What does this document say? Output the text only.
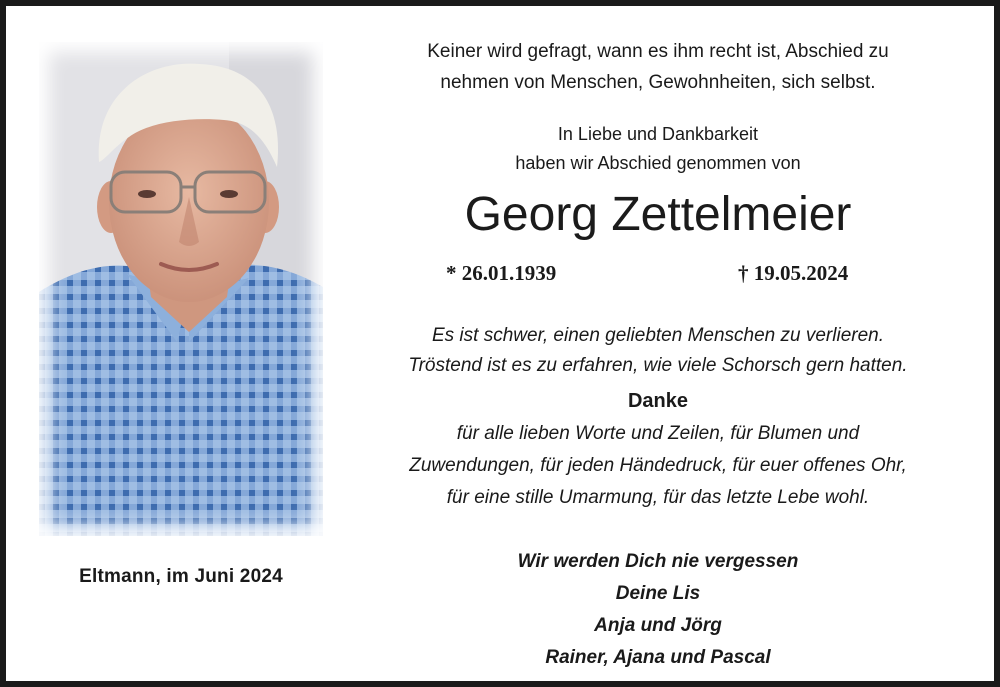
Eltmann, im Juni 2024
Keiner wird gefragt, wann es ihm recht ist, Abschied zu
nehmen von Menschen, Gewohnheiten, sich selbst.
In Liebe und Dankbarkeit
haben wir Abschied genommen von
Georg Zettelmeier
* 26.01.1939	† 19.05.2024
Es ist schwer, einen geliebten Menschen zu verlieren.
Tröstend ist es zu erfahren, wie viele Schorsch gern hatten.
Danke
für alle lieben Worte und Zeilen, für Blumen und
Zuwendungen, für jeden Händedruck, für euer offenes Ohr,
für eine stille Umarmung, für das letzte Lebe wohl.
Wir werden Dich nie vergessen
Deine Lis
Anja und Jörg
Rainer, Ajana und Pascal
